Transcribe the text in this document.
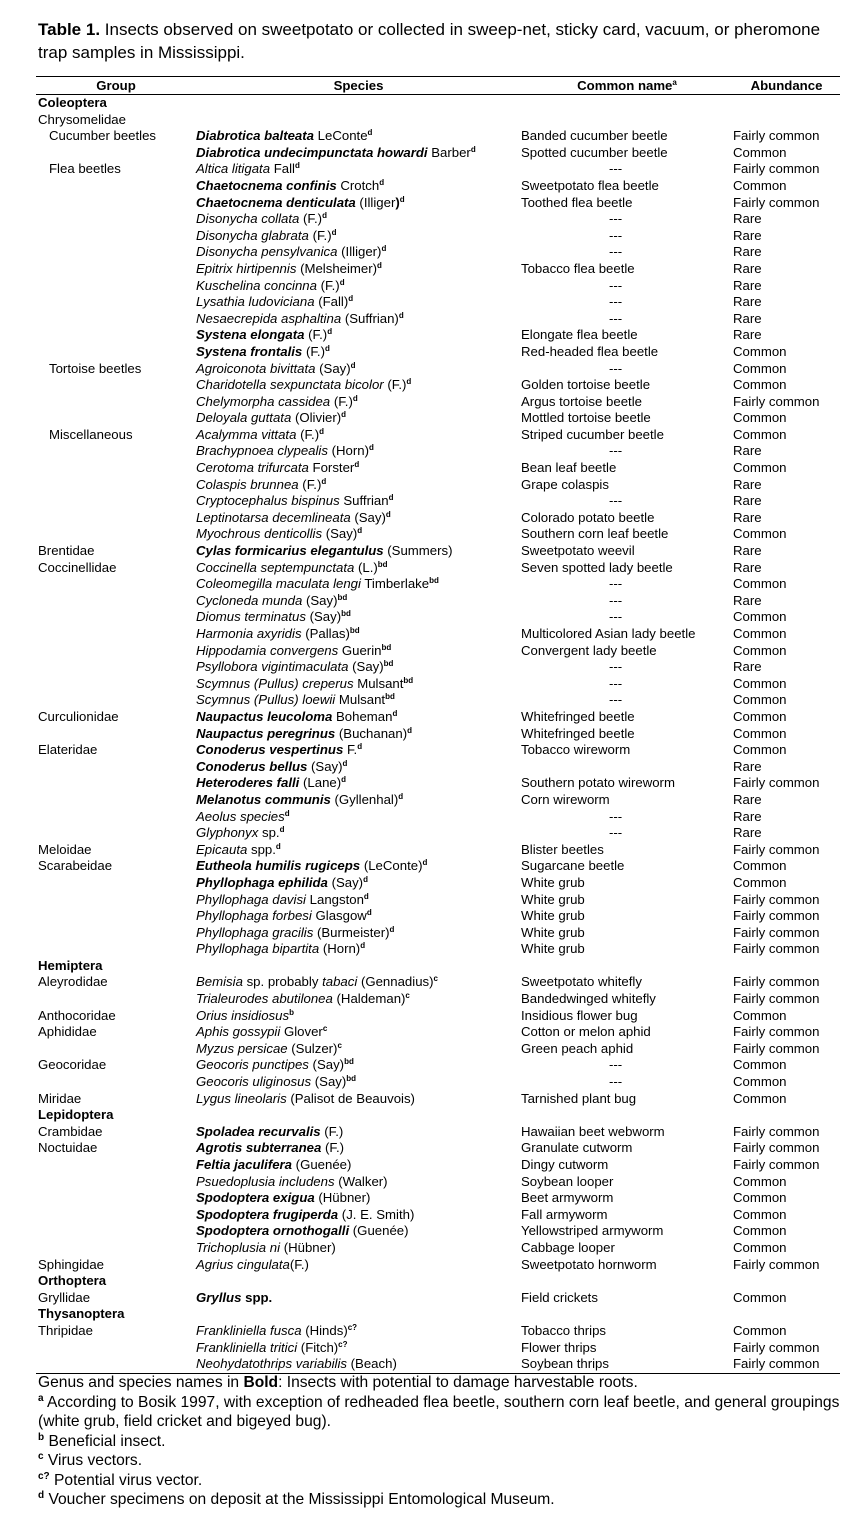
Table 1. Insects observed on sweetpotato or collected in sweep-net, sticky card, vacuum, or pheromone trap samples in Mississippi.
Group	Species	Common name$^a$	Abundance
Coleoptera			
Chrysomelidae			
Cucumber beetles	Diabrotica balteata LeConte$^d$	Banded cucumber beetle	Fairly common
	Diabrotica undecimpunctata howardi Barber$^d$	Spotted cucumber beetle	Common
Flea beetles	Altica litigata Fall$^d$	---	Fairly common
	Chaetocnema confinis Crotch$^d$	Sweetpotato flea beetle	Common
	Chaetocnema denticulata (Illiger)$^d$	Toothed flea beetle	Fairly common
	Disonycha collata $(F.)^d$	---	Rare
	Disonycha glabrata $(F.)^d$	---	Rare
	Disonycha pensylvanica (Illiger)$^d$	---	Rare
	Epitrix hirtipennis (Melsheimer)$^d$	Tobacco flea beetle	Rare
	Kuschelina concinna $(F.)^d$	---	Rare
	Lysathia ludoviciana (Fall)$^d$	---	Rare
	Nesaecrepida asphaltina (Suffrian)$^d$	---	Rare
	Systena elongata $(F.)^d$	Elongate flea beetle	Rare
	Systena frontalis $(F.)^d$	Red-headed flea beetle	Common
Tortoise beetles	Agroiconota bivittata (Say)$^d$	---	Common
	Charidotella sexpunctata bicolor $(F.)^d$	Golden tortoise beetle	Common
	Chelymorpha cassidea $(F.)^d$	Argus tortoise beetle	Fairly common
	Deloyala guttata (Olivier)$^d$	Mottled tortoise beetle	Common
Miscellaneous	Acalymma vittata $(F.)^d$	Striped cucumber beetle	Common
	Brachypnoea clypealis (Horn)$^d$	---	Rare
	Cerotoma trifurcata Forster$^d$	Bean leaf beetle	Common
	Colaspis brunnea $(F.)^d$	Grape colaspis	Rare
	Cryptocephalus bispinus Suffrian$^d$	---	Rare
	Leptinotarsa decemlineata (Say)$^d$	Colorado potato beetle	Rare
	Myochrous denticollis (Say)$^d$	Southern corn leaf beetle	Common
Brentidae	Cylas formicarius elegantulus (Summers)	Sweetpotato weevil	Rare
Coccinellidae	Coccinella septempunctata $(L.)^{bd}$	Seven spotted lady beetle	Rare
	Coleomegilla maculata lengi Timberlake$^{bd}$	---	Common
	Cycloneda munda (Say)$^{bd}$	---	Rare
	Diomus terminatus (Say)$^{bd}$	---	Common
	Harmonia axyridis (Pallas)$^{bd}$	Multicolored Asian lady beetle	Common
	Hippodamia convergens Guerin$^{bd}$	Convergent lady beetle	Common
	Psyllobora vigintimaculata (Say)$^{bd}$	---	Rare
	Scymnus (Pullus) creperus Mulsant$^{bd}$	---	Common
	Scymnus (Pullus) loewii Mulsant$^{bd}$	---	Common
Curculionidae	Naupactus leucoloma Boheman$^d$	Whitefringed beetle	Common
	Naupactus peregrinus (Buchanan)$^d$	Whitefringed beetle	Common
Elateridae	Conoderus vespertinus F.$^d$	Tobacco wireworm	Common
	Conoderus bellus (Say)$^d$		Rare
	Heteroderes falli (Lane)$^d$	Southern potato wireworm	Fairly common
	Melanotus communis (Gyllenhal)$^d$	Corn wireworm	Rare
	Aeolus species$^d$	---	Rare
	Glyphonyx sp.$^d$	---	Rare
Meloidae	Epicauta spp.$^d$	Blister beetles	Fairly common
Scarabeidae	Eutheola humilis rugiceps (LeConte)$^d$	Sugarcane beetle	Common
	Phyllophaga ephilida (Say)$^d$	White grub	Common
	Phyllophaga davisi Langston$^d$	White grub	Fairly common
	Phyllophaga forbesi Glasgow$^d$	White grub	Fairly common
	Phyllophaga gracilis (Burmeister)$^d$	White grub	Fairly common
	Phyllophaga bipartita (Horn)$^d$	White grub	Fairly common
Hemiptera			
Aleyrodidae	Bemisia sp. probably tabaci (Gennadius)$^c$	Sweetpotato whitefly	Fairly common
	Trialeurodes abutilonea (Haldeman)$^c$	Bandedwinged whitefly	Fairly common
Anthocoridae	Orius insidiosus$^b$	Insidious flower bug	Common
Aphididae	Aphis gossypii Glover$^c$	Cotton or melon aphid	Fairly common
	Myzus persicae (Sulzer)$^c$	Green peach aphid	Fairly common
Geocoridae	Geocoris punctipes (Say)$^{bd}$	---	Common
	Geocoris uliginosus (Say)$^{bd}$	---	Common
Miridae	Lygus lineolaris (Palisot de Beauvois)	Tarnished plant bug	Common
Lepidoptera			
Crambidae	Spoladea recurvalis (F.)	Hawaiian beet webworm	Fairly common
Noctuidae	Agrotis subterranea (F.)	Granulate cutworm	Fairly common
	Feltia jaculifera (Guenée)	Dingy cutworm	Fairly common
	Psuedoplusia includens (Walker)	Soybean looper	Common
	Spodoptera exigua (Hübner)	Beet armyworm	Common
	Spodoptera frugiperda (J. E. Smith)	Fall armyworm	Common
	Spodoptera ornothogalli (Guenée)	Yellowstriped armyworm	Common
	Trichoplusia ni (Hübner)	Cabbage looper	Common
Sphingidae	Agrius cingulata(F.)	Sweetpotato hornworm	Fairly common
Orthoptera			
Gryllidae	Gryllus spp.	Field crickets	Common
Thysanoptera			
Thripidae	Frankliniella fusca (Hinds)$^{c?}$	Tobacco thrips	Common
	Frankliniella tritici (Fitch)$^{c?}$	Flower thrips	Fairly common
	Neohydatothrips variabilis (Beach)	Soybean thrips	Fairly common
Genus and species names in Bold: Insects with potential to damage harvestable roots.
$^a$ According to Bosik 1997, with exception of redheaded flea beetle, southern corn leaf beetle, and general groupings (white grub, field cricket and bigeyed bug).
$^b$ Beneficial insect.
$^c$ Virus vectors.
$^{c?}$ Potential virus vector.
$^d$ Voucher specimens on deposit at the Mississippi Entomological Museum.
